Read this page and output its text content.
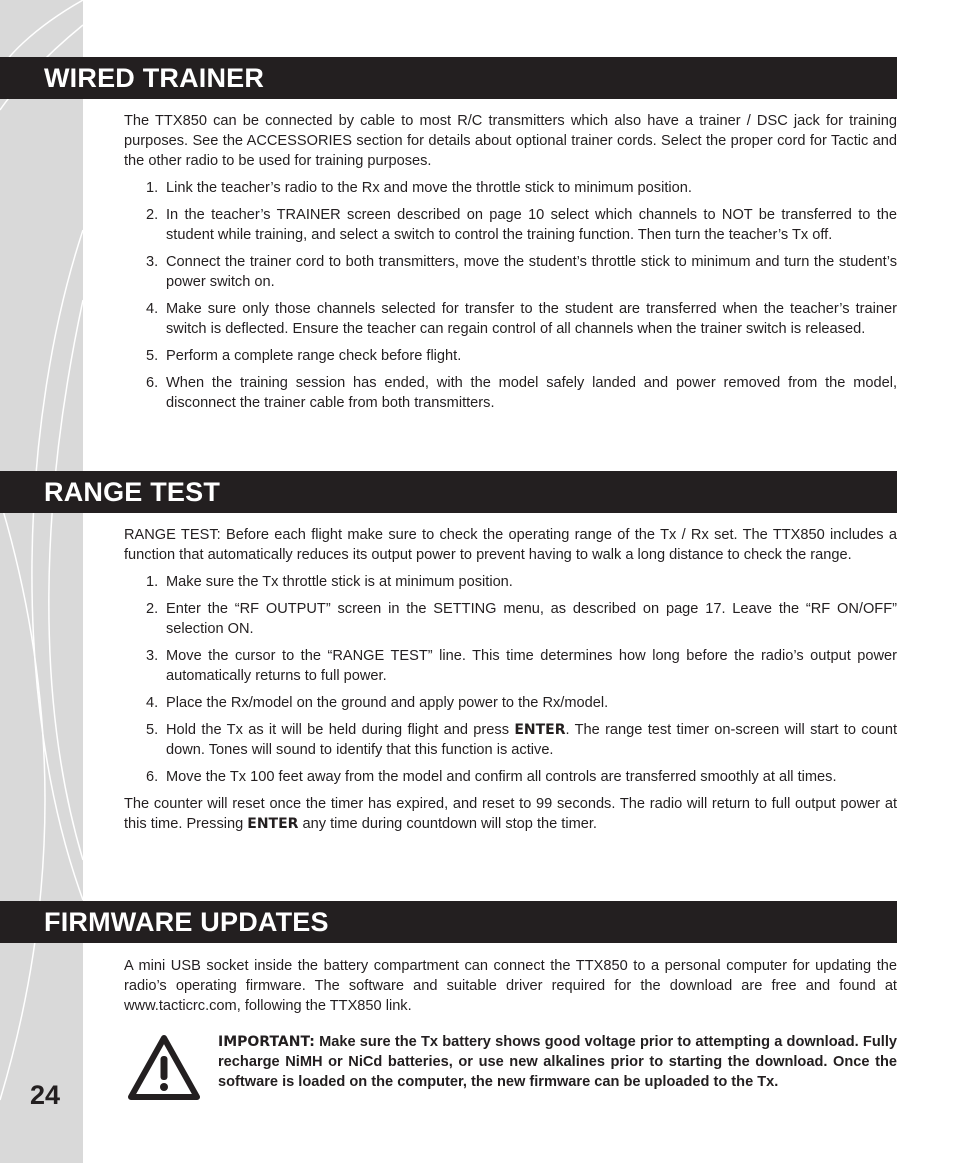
24
WIRED TRAINER

The TTX850 can be connected by cable to most R/C transmitters which also have a trainer / DSC jack for training purposes. See the ACCESSORIES section for details about optional trainer cords. Select the proper cord for Tactic and the other radio to be used for training purposes.

1. Link the teacher’s radio to the Rx and move the throttle stick to minimum position.
2. In the teacher’s TRAINER screen described on page 10 select which channels to NOT be transferred to the student while training, and select a switch to control the training function. Then turn the teacher’s Tx off.
3. Connect the trainer cord to both transmitters, move the student’s throttle stick to minimum and turn the student’s power switch on.
4. Make sure only those channels selected for transfer to the student are transferred when the teacher’s trainer switch is deflected. Ensure the teacher can regain control of all channels when the trainer switch is released.
5. Perform a complete range check before flight.
6. When the training session has ended, with the model safely landed and power removed from the model, disconnect the trainer cable from both transmitters.
RANGE TEST

RANGE TEST: Before each flight make sure to check the operating range of the Tx / Rx set. The TTX850 includes a function that automatically reduces its output power to prevent having to walk a long distance to check the range.

1. Make sure the Tx throttle stick is at minimum position.
2. Enter the “RF OUTPUT” screen in the SETTING menu, as described on page 17. Leave the “RF ON/OFF” selection ON.
3. Move the cursor to the “RANGE TEST” line. This time determines how long before the radio’s output power automatically returns to full power.
4. Place the Rx/model on the ground and apply power to the Rx/model.
5. Hold the Tx as it will be held during flight and press ENTER. The range test timer on-screen will start to count down. Tones will sound to identify that this function is active.
6. Move the Tx 100 feet away from the model and confirm all controls are transferred smoothly at all times.

The counter will reset once the timer has expired, and reset to 99 seconds. The radio will return to full output power at this time. Pressing ENTER any time during countdown will stop the timer.

FIRMWARE UPDATES

A mini USB socket inside the battery compartment can connect the TTX850 to a personal computer for updating the radio’s operating firmware. The software and suitable driver required for the download are free and found at www.tacticrc.com, following the TTX850 link.

IMPORTANT: Make sure the Tx battery shows good voltage prior to attempting a download. Fully recharge NiMH or NiCd batteries, or use new alkalines prior to starting the download. Once the software is loaded on the computer, the new firmware can be uploaded to the Tx.
